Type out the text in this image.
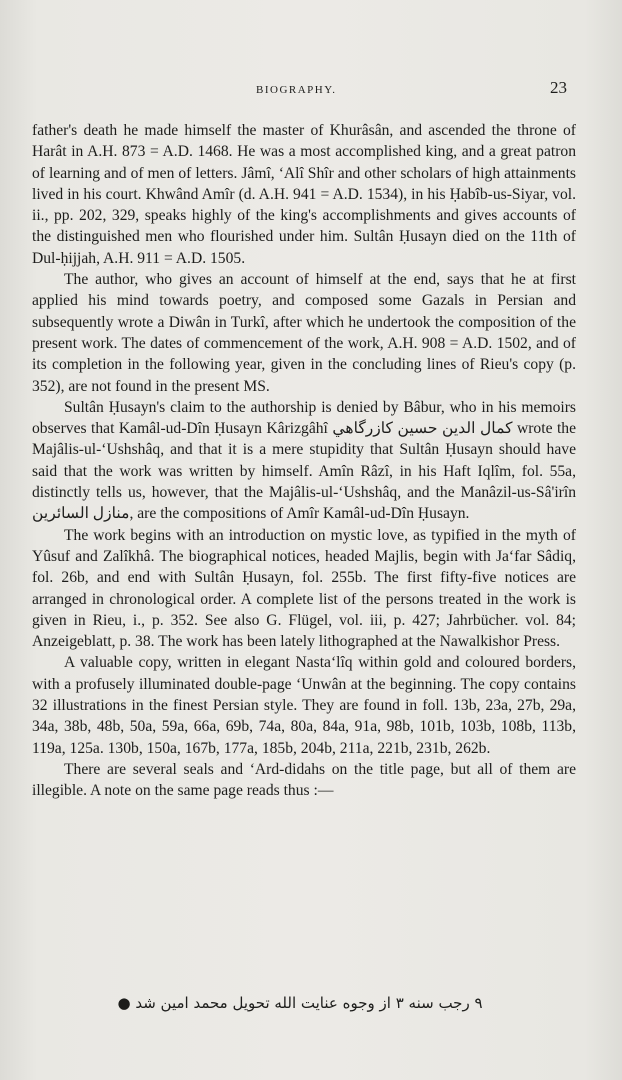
BIOGRAPHY.	23

father's death he made himself the master of Khurâsân, and ascended the throne of Harât in A.H. 873 = A.D. 1468. He was a most accomplished king, and a great patron of learning and of men of letters. Jâmî, ‘Alî Shîr and other scholars of high attainments lived in his court. Khwând Amîr (d. A.H. 941 = A.D. 1534), in his Ḥabîb-us-Siyar, vol. ii., pp. 202, 329, speaks highly of the king's accomplishments and gives accounts of the distinguished men who flourished under him. Sultân Ḥusayn died on the 11th of Dul-ḥijjah, A.H. 911 = A.D. 1505.

The author, who gives an account of himself at the end, says that he at first applied his mind towards poetry, and composed some Gazals in Persian and subsequently wrote a Diwân in Turkî, after which he undertook the composition of the present work. The dates of commencement of the work, A.H. 908 = A.D. 1502, and of its completion in the following year, given in the concluding lines of Rieu's copy (p. 352), are not found in the present MS.

Sultân Ḥusayn's claim to the authorship is denied by Bâbur, who in his memoirs observes that Kamâl-ud-Dîn Ḥusayn Kârizgâhî كمال الدين حسين كازرگاهي wrote the Majâlis-ul-‘Ushshâq, and that it is a mere stupidity that Sultân Ḥusayn should have said that the work was written by himself. Amîn Râzî, in his Haft Iqlîm, fol. 55a, distinctly tells us, however, that the Majâlis-ul-‘Ushshâq, and the Manâzil-us-Sâ'irîn منازل السائرين, are the compositions of Amîr Kamâl-ud-Dîn Ḥusayn.

The work begins with an introduction on mystic love, as typified in the myth of Yûsuf and Zalîkhâ. The biographical notices, headed Majlis, begin with Ja‘far Sâdiq, fol. 26b, and end with Sultân Ḥusayn, fol. 255b. The first fifty-five notices are arranged in chronological order. A complete list of the persons treated in the work is given in Rieu, i., p. 352. See also G. Flügel, vol. iii, p. 427; Jahrbücher. vol. 84; Anzeigeblatt, p. 38. The work has been lately lithographed at the Nawalkishor Press.

A valuable copy, written in elegant Nasta‘lîq within gold and coloured borders, with a profusely illuminated double-page ‘Unwân at the beginning. The copy contains 32 illustrations in the finest Persian style. They are found in foll. 13b, 23a, 27b, 29a, 34a, 38b, 48b, 50a, 59a, 66a, 69b, 74a, 80a, 84a, 91a, 98b, 101b, 103b, 108b, 113b, 119a, 125a. 130b, 150a, 167b, 177a, 185b, 204b, 211a, 221b, 231b, 262b.

There are several seals and ‘Ard-didahs on the title page, but all of them are illegible. A note on the same page reads thus :—

۹ رجب سنه ۳ از وجوه عنایت الله تحویل محمد امین شد ●
